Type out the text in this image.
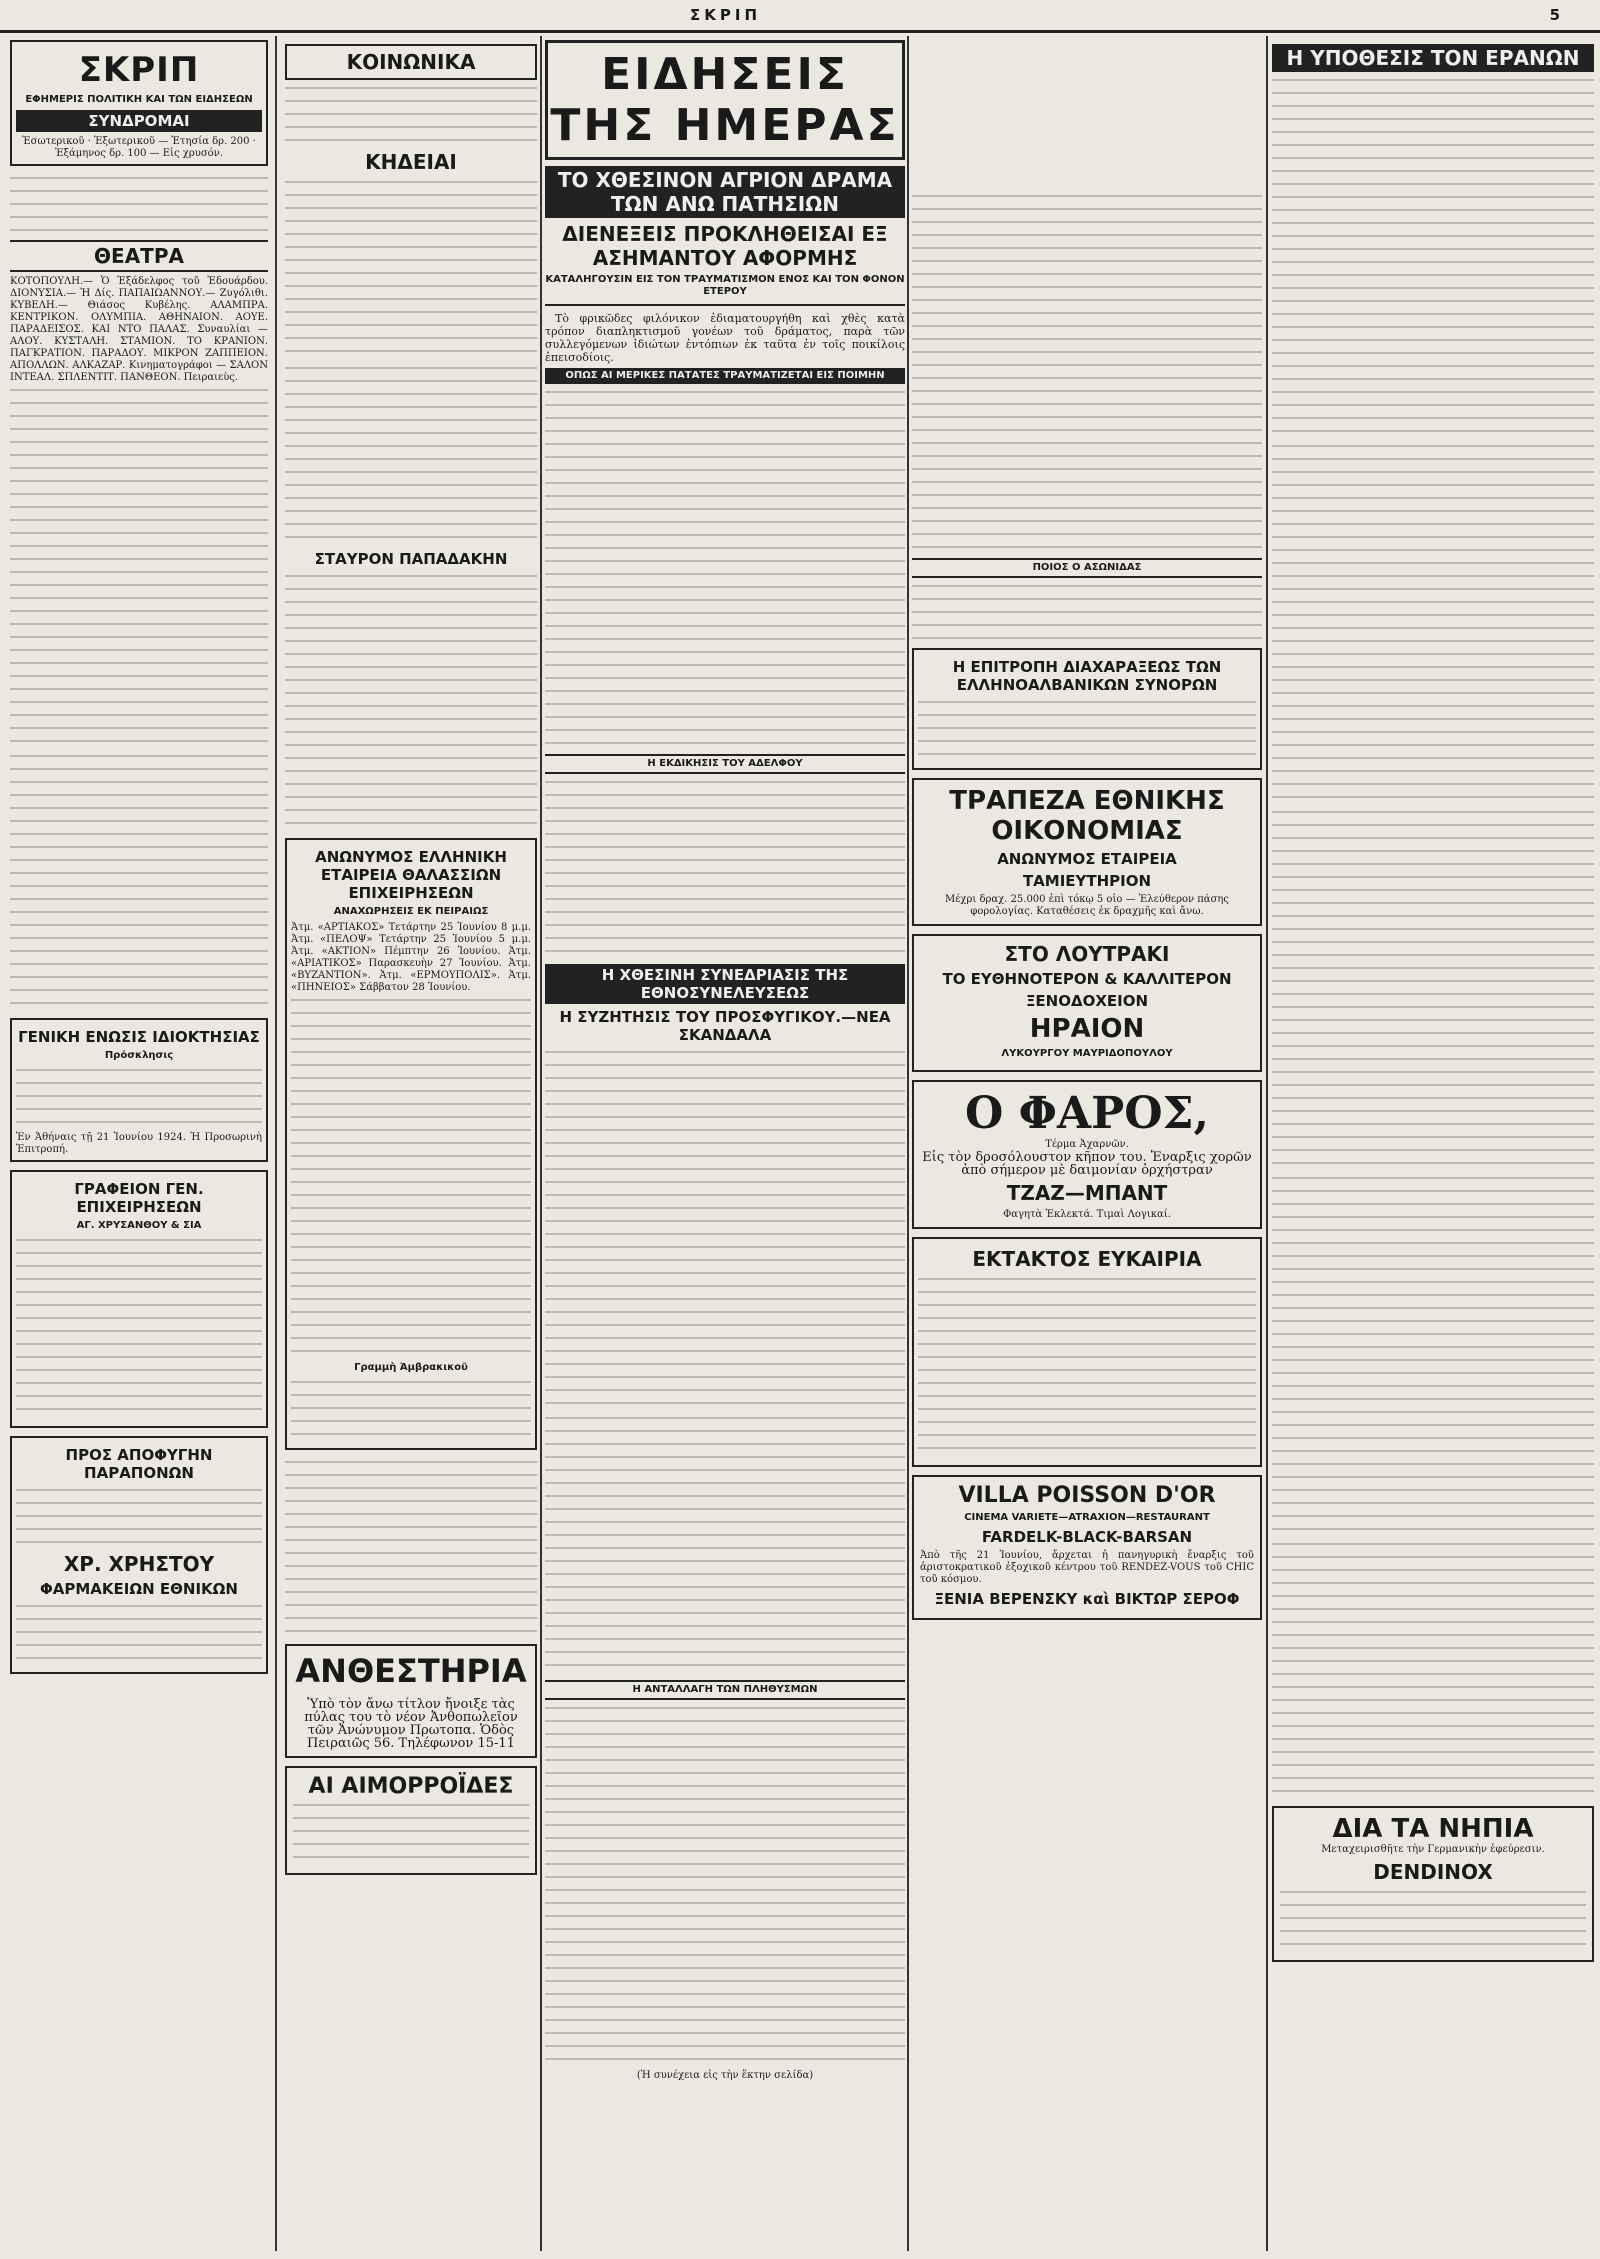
ΣΚΡΙΠ	5
ΣΚΡΙΠ
ΕΦΗΜΕΡΙΣ ΠΟΛΙΤΙΚΗ ΚΑΙ ΤΩΝ ΕΙΔΗΣΕΩΝ
ΣΥΝΔΡΟΜΑΙ
Ἐσωτερικοῦ · Ἐξωτερικοῦ — Ἐτησία δρ. 200 · Ἑξάμηνος δρ. 100 — Εἰς χρυσόν.
ΘΕΑΤΡΑ
ΚΟΤΟΠΟΥΛΗ.— Ὁ Ἐξάδελφος τοῦ Ἐδουάρδου. ΔΙΟΝΥΣΙΑ.— Ἡ Δίς. ΠΑΠΑΙΩΑΝΝΟΥ.— Ζυγόλιθι. ΚΥΒΕΛΗ.— Θιάσος Κυβέλης. ΑΛΑΜΠΡΑ. ΚΕΝΤΡΙΚΟΝ. ΟΛΥΜΠΙΑ. ΑΘΗΝΑΙΟΝ. ΑΟΥΕ. ΠΑΡΑΔΕΙΣΟΣ. ΚΑΙ ΝΤΟ ΠΑΛΑΣ. Συναυλίαι — ΑΛΟΥ. ΚΥΣΤΑΛΗ. ΣΤΑΜΙΟΝ. ΤΟ ΚΡΑΝΙΟΝ. ΠΑΓΚΡΑΤΙΟΝ. ΠΑΡΑΔΟΥ. ΜΙΚΡΟΝ ΖΑΠΠΕΙΟΝ. ΑΠΟΛΛΩΝ. ΑΛΚΑΖΑΡ. Κινηματογράφοι — ΣΑΛΟΝ ΙΝΤΕΑΛ. ΣΠΛΕΝΤΙΤ. ΠΑΝΘΕΟΝ. Πειραιεὺς.
ΓΕΝΙΚΗ ΕΝΩΣΙΣ ΙΔΙΟΚΤΗΣΙΑΣ
Πρόσκλησις
Ἐν Ἀθήναις τῇ 21 Ἰουνίου 1924. Ἡ Προσωρινὴ Ἐπιτροπή.
ΓΡΑΦΕΙΟΝ ΓΕΝ. ΕΠΙΧΕΙΡΗΣΕΩΝ
ΑΓ. ΧΡΥΣΑΝΘΟΥ & ΣΙΑ
ΠΡΟΣ ΑΠΟΦΥΓΗΝ ΠΑΡΑΠΟΝΩΝ
ΧΡ. ΧΡΗΣΤΟΥ
ΦΑΡΜΑΚΕΙΩΝ ΕΘΝΙΚΩΝ
ΚΟΙΝΩΝΙΚΑ
ΚΗΔΕΙΑΙ
ΣΤΑΥΡΟΝ ΠΑΠΑΔΑΚΗΝ
ΑΝΩΝΥΜΟΣ ΕΛΛΗΝΙΚΗ ΕΤΑΙΡΕΙΑ ΘΑΛΑΣΣΙΩΝ ΕΠΙΧΕΙΡΗΣΕΩΝ
ΑΝΑΧΩΡΗΣΕΙΣ ΕΚ ΠΕΙΡΑΙΩΣ
Ἀτμ. «ΑΡΤΙΑΚΟΣ» Τετάρτην 25 Ἰουνίου 8 μ.μ. Ἀτμ. «ΠΕΛΟΨ» Τετάρτην 25 Ἰουνίου 5 μ.μ. Ἀτμ. «ΑΚΤΙΟΝ» Πέμπτην 26 Ἰουνίου. Ἀτμ. «ΑΡΙΑΤΙΚΟΣ» Παρασκευὴν 27 Ἰουνίου. Ἀτμ. «ΒΥΖΑΝΤΙΟΝ». Ἀτμ. «ΕΡΜΟΥΠΟΛΙΣ». Ἀτμ. «ΠΗΝΕΙΟΣ» Σάββατον 28 Ἰουνίου.
Γραμμὴ Ἀμβρακικοῦ
ΑΝΘΕΣΤΗΡΙΑ
Ὑπὸ τὸν ἄνω τίτλον ἤνοιξε τὰς πύλας του τὸ νέον Ἀνθοπωλεῖον τῶν Ἀνώνυμον Πρωτοπα. Ὁδὸς Πειραιῶς 56. Τηλέφωνον 15-11
ΑΙ ΑΙΜΟΡΡΟΪΔΕΣ
ΕΙΔΗΣΕΙΣ ΤΗΣ ΗΜΕΡΑΣ
ΤΟ ΧΘΕΣΙΝΟΝ ΑΓΡΙΟΝ ΔΡΑΜΑ ΤΩΝ ΑΝΩ ΠΑΤΗΣΙΩΝ
ΔΙΕΝΕΞΕΙΣ ΠΡΟΚΛΗΘΕΙΣΑΙ ΕΞ ΑΣΗΜΑΝΤΟΥ ΑΦΟΡΜΗΣ
ΚΑΤΑΛΗΓΟΥΣΙΝ ΕΙΣ ΤΟΝ ΤΡΑΥΜΑΤΙΣΜΟΝ ΕΝΟΣ ΚΑΙ ΤΟΝ ΦΟΝΟΝ ΕΤΕΡΟΥ

Τὸ φρικῶδες φιλόνικον ἐδιαματουργήθη καὶ χθὲς κατὰ τρόπον διαπληκτισμοῦ γονέων τοῦ δράματος, παρὰ τῶν συλλεγόμενων ἰδιώτων ἐντόπιων ἐκ ταῦτα ἐν τοῖς ποικίλοις ἐπεισοδίοις.

ΟΠΩΣ ΑΙ ΜΕΡΙΚΕΣ ΠΑΤΑΤΕΣ ΤΡΑΥΜΑΤΙΖΕΤΑΙ ΕΙΣ ΠΟΙΜΗΝ
Η ΕΚΔΙΚΗΣΙΣ ΤΟΥ ΑΔΕΛΦΟΥ
Η ΧΘΕΣΙΝΗ ΣΥΝΕΔΡΙΑΣΙΣ ΤΗΣ ΕΘΝΟΣΥΝΕΛΕΥΣΕΩΣ
Η ΣΥΖΗΤΗΣΙΣ ΤΟΥ ΠΡΟΣΦΥΓΙΚΟΥ.—ΝΕΑ ΣΚΑΝΔΑΛΑ
Η ΑΝΤΑΛΛΑΓΗ ΤΩΝ ΠΛΗΘΥΣΜΩΝ
(Ἡ συνέχεια εἰς τὴν ἕκτην σελίδα)
ΠΟΙΟΣ Ο ΑΣΩΝΙΔΑΣ
Η ΕΠΙΤΡΟΠΗ ΔΙΑΧΑΡΑΞΕΩΣ ΤΩΝ ΕΛΛΗΝΟΑΛΒΑΝΙΚΩΝ ΣΥΝΟΡΩΝ
ΤΡΑΠΕΖΑ ΕΘΝΙΚΗΣ ΟΙΚΟΝΟΜΙΑΣ
ΑΝΩΝΥΜΟΣ ΕΤΑΙΡΕΙΑ
ΤΑΜΙΕΥΤΗΡΙΟΝ
Μέχρι δραχ. 25.000 ἐπὶ τόκῳ 5 οἰο — Ἐλεύθερον πάσης φορολογίας. Καταθέσεις ἐκ δραχμῆς καὶ ἄνω.
ΣΤΟ ΛΟΥΤΡΑΚΙ
ΤΟ ΕΥΘΗΝΟΤΕΡΟΝ & ΚΑΛΛΙΤΕΡΟΝ
ΞΕΝΟΔΟΧΕΙΟΝ
ΗΡΑΙΟΝ
ΛΥΚΟΥΡΓΟΥ ΜΑΥΡΙΔΟΠΟΥΛΟΥ
Ο ΦΑΡΟΣ,
Τέρμα Ἀχαρνῶν.
Εἰς τὸν δροσόλουστον κῆπον του. Ἐναρξις χορῶν ἀπὸ σήμερον μὲ δαιμονίαν ὀρχήστραν
ΤΖΑΖ—ΜΠΑΝΤ
Φαγητὰ Ἐκλεκτά. Τιμαὶ Λογικαί.
ΕΚΤΑΚΤΟΣ ΕΥΚΑΙΡΙΑ
VILLA POISSON D'OR
CINEMA VARIETE—ATRAXION—RESTAURANT
FARDELK-BLACK-BARSAN
Ἀπὸ τῆς 21 Ἰουνίου, ἄρχεται ἡ πανηγυρικὴ ἔναρξις τοῦ ἀριστοκρατικοῦ ἐξοχικοῦ κέντρου τοῦ RENDEZ-VOUS τοῦ CHIC τοῦ κόσμου.
ΞΕΝΙΑ ΒΕΡΕΝΣΚΥ καὶ ΒΙΚΤΩΡ ΣΕΡΟΦ
Η ΥΠΟΘΕΣΙΣ ΤΟΝ ΕΡΑΝΩΝ
ΔΙΑ ΤΑ ΝΗΠΙΑ
Μεταχειρισθῆτε τὴν Γερμανικὴν ἐφεύρεσιν.
DENDINOX
